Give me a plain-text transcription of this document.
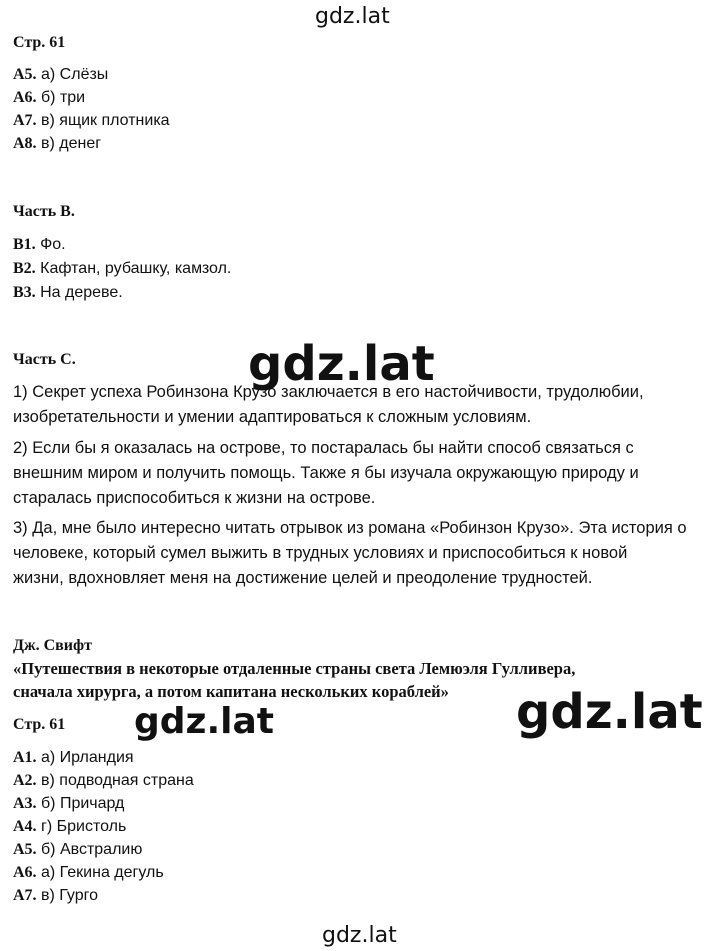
gdz.lat
Стр. 61
А5. а) Слёзы
А6. б) три
А7. в) ящик плотника
А8. в) денег
Часть В.
В1. Фо.
В2. Кафтан, рубашку, камзол.
В3. На дереве.
Часть С.
1) Секрет успеха Робинзона Крузо заключается в его настойчивости, трудолюбии,
изобретательности и умении адаптироваться к сложным условиям.
2) Если бы я оказалась на острове, то постаралась бы найти способ связаться с
внешним миром и получить помощь. Также я бы изучала окружающую природу и
старалась приспособиться к жизни на острове.
3) Да, мне было интересно читать отрывок из романа «Робинзон Крузо». Эта история о
человеке, который сумел выжить в трудных условиях и приспособиться к новой
жизни, вдохновляет меня на достижение целей и преодоление трудностей.
Дж. Свифт
«Путешествия в некоторые отдаленные страны света Лемюэля Гулливера,
сначала хирурга, а потом капитана нескольких кораблей»
Стр. 61
А1. а) Ирландия
А2. в) подводная страна
А3. б) Причард
А4. г) Бристоль
А5. б) Австралию
А6. а) Гекина дегуль
А7. в) Гурго
gdz.lat
gdz.lat	gdz.lat
gdz.lat
